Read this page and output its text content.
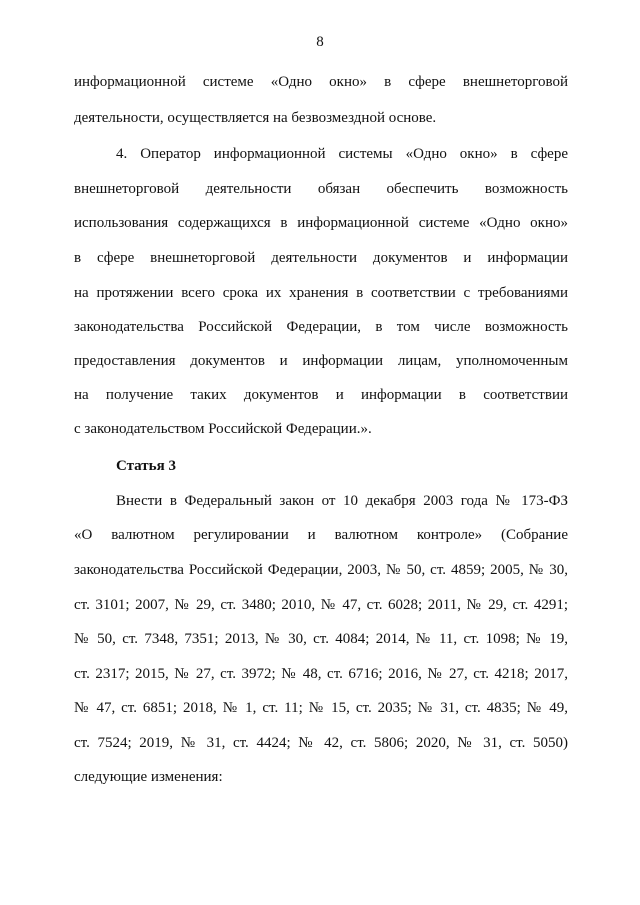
8
информационной системе «Одно окно» в сфере внешнеторговой
деятельности, осуществляется на безвозмездной основе.
4. Оператор информационной системы «Одно окно» в сфере
внешнеторговой деятельности обязан обеспечить возможность
использования содержащихся в информационной системе «Одно окно»
в сфере внешнеторговой деятельности документов и информации
на протяжении всего срока их хранения в соответствии с требованиями
законодательства Российской Федерации, в том числе возможность
предоставления документов и информации лицам, уполномоченным
на получение таких документов и информации в соответствии
с законодательством Российской Федерации.».
Статья 3
Внести в Федеральный закон от 10 декабря 2003 года № 173-ФЗ
«О валютном регулировании и валютном контроле» (Собрание
законодательства Российской Федерации, 2003, № 50, ст. 4859; 2005, № 30,
ст. 3101; 2007, № 29, ст. 3480; 2010, № 47, ст. 6028; 2011, № 29, ст. 4291;
№ 50, ст. 7348, 7351; 2013, № 30, ст. 4084; 2014, № 11, ст. 1098; № 19,
ст. 2317; 2015, № 27, ст. 3972; № 48, ст. 6716; 2016, № 27, ст. 4218; 2017,
№ 47, ст. 6851; 2018, № 1, ст. 11; № 15, ст. 2035; № 31, ст. 4835; № 49,
ст. 7524; 2019, № 31, ст. 4424; № 42, ст. 5806; 2020, № 31, ст. 5050)
следующие изменения:
